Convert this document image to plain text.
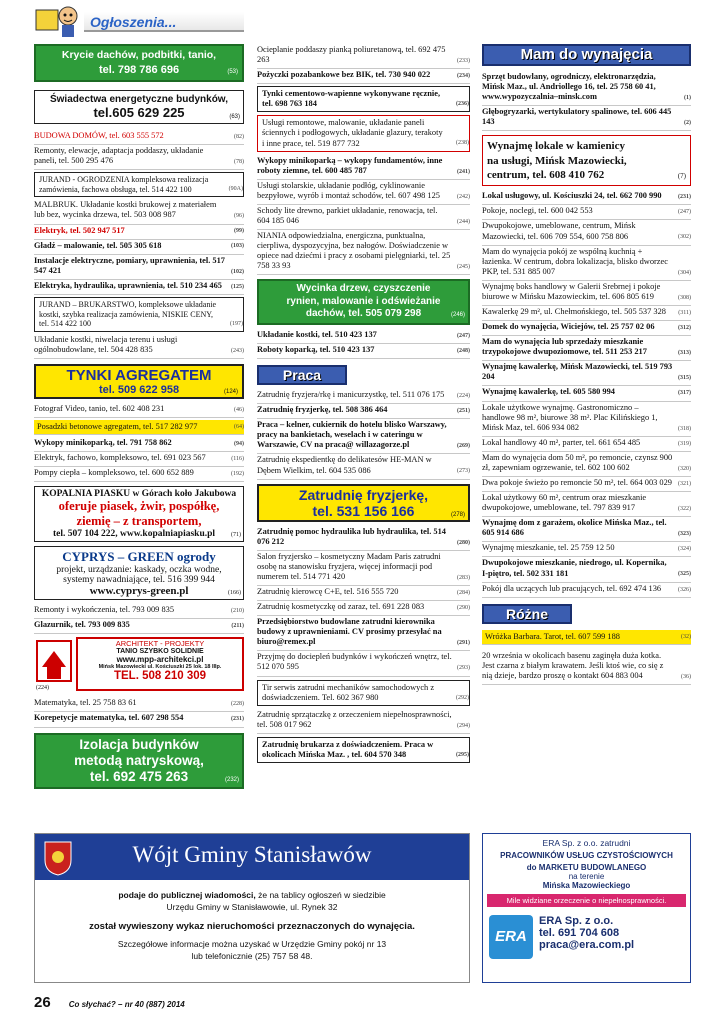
Ogłoszenia...
Krycie dachów, podbitki, tanio,
tel. 798 786 696	(53)
Świadectwa energetyczne budynków,
tel.605 629 225	(63)
BUDOWA DOMÓW, tel. 603 555 572	(82)
Remonty, elewacje, adaptacja poddaszy, układanie paneli, tel. 500 295 476	(78)
JURAND - OGRODZENIA kompleksowa realizacja zamówienia, fachowa obsługa, tel. 514 422 100	(90A)
MALBRUK. Układanie kostki brukowej z materiałem lub bez, wycinka drzewa, tel. 503 008 987	(96)
Elektryk, tel. 502 947 517	(99)
Gładź – malowanie, tel. 505 305 618	(103)
Instalacje elektryczne, pomiary, uprawnienia, tel. 517 547 421	(102)
Elektryka, hydraulika, uprawnienia, tel. 510 234 465	(125)
JURAND – BRUKARSTWO, kompleksowe układanie kostki, szybka realizacja zamówienia, NISKIE CENY, tel. 514 422 100	(197)
Układanie kostki, niwelacja terenu i usługi ogólnobudowlane, tel. 504 428 835	(243)
TYNKI AGREGATEM
tel. 509 622 958	(124)
Fotograf Video, tanio, tel. 602 408 231	(46)
Posadzki betonowe agregatem, tel. 517 282 977	(64)
Wykopy minikoparką, tel. 791 758 862	(94)
Elektryk, fachowo, kompleksowo, tel. 691 023 567	(116)
Pompy ciepła – kompleksowo, tel. 600 652 889	(192)
KOPALNIA PIASKU w Górach koło Jakubowa
oferuje piasek, żwir, pospółkę,
ziemię – z transportem,
tel. 507 104 222, www.kopalniapiasku.pl	(71)
CYPRYS – GREEN ogrody
projekt, urządzanie: kaskady, oczka wodne,
systemy nawadniające, tel. 516 399 944
www.cyprys-green.pl	(166)
Remonty i wykończenia, tel. 793 009 835	(210)
Glazurnik, tel. 793 009 835	(211)
(224)
ARCHITEKT - PROJEKTY
TANIO SZYBKO SOLIDNIE
www.mpp-architekci.pl
Mińsk Mazowiecki ul. Kościuszki 25 lok. 18 IIIp.
TEL. 508 210 309
Matematyka, tel. 25 758 83 61	(228)
Korepetycje matematyka, tel. 607 298 554	(231)
Izolacja budynków
metodą natryskową,
tel. 692 475 263	(232)
Ocieplanie poddaszy pianką poliuretanową, tel. 692 475 263	(233)
Pożyczki pozabankowe bez BIK, tel. 730 940 022	(234)
Tynki cementowo-wapienne wykonywane ręcznie, tel. 698 763 184	(236)
Usługi remontowe, malowanie, układanie paneli ściennych i podłogowych, układanie glazury, terakoty i inne prace, tel. 519 877 732	(238)
Wykopy minikoparką – wykopy fundamentów, inne roboty ziemne, tel. 600 485 787	(241)
Usługi stolarskie, układanie podłóg, cyklinowanie bezpyłowe, wyrób i montaż schodów, tel. 607 498 125	(242)
Schody lite drewno, parkiet układanie, renowacja, tel. 604 185 046	(244)
NIANIA odpowiedzialna, energiczna, punktualna, cierpliwa, dyspozycyjna, bez nałogów. Doświadczenie w opiece nad dziećmi i pracy z osobami pielęgniarki, tel. 25 758 33 93	(245)
Wycinka drzew, czyszczenie
rynien, malowanie i odświeżanie
dachów, tel. 505 079 298	(246)
Układanie kostki, tel. 510 423 137	(247)
Roboty koparką, tel. 510 423 137	(248)
Praca
Zatrudnię fryzjera/rkę i manicurzystkę, tel. 511 076 175	(224)
Zatrudnię fryzjerkę, tel. 508 386 464	(251)
Praca – kelner, cukiernik do hotelu blisko Warszawy, pracy na bankietach, weselach i w cateringu w Warszawie, CV na praca@ willazagorze.pl	(269)
Zatrudnię ekspedientkę do delikatesów HE-MAN w Dębem Wielkim, tel. 604 535 086	(273)
Zatrudnię fryzjerkę,
tel. 531 156 166	(278)
Zatrudnię pomoc hydraulika lub hydraulika, tel. 514 076 212	(280)
Salon fryzjersko – kosmetyczny Madam Paris zatrudni osobę na stanowisku fryzjera, więcej informacji pod numerem tel. 514 771 420	(283)
Zatrudnię kierowcę C+E, tel. 516 555 720	(284)
Zatrudnię kosmetyczkę od zaraz, tel. 691 228 083	(290)
Przedsiębiorstwo budowlane zatrudni kierownika budowy z uprawnieniami. CV prosimy przesyłać na biuro@remex.pl	(291)
Przyjmę do docieplеń budynków i wykończeń wnętrz, tel. 512 070 595	(293)
Tir serwis zatrudni mechaników samochodowych z doświadczeniem. Tel. 602 367 980	(292)
Zatrudnię sprzątaczkę z orzeczeniem niepełnosprawności, tel. 508 017 962	(294)
Zatrudnię brukarza z doświadczeniem. Praca w okolicach Mińska Maz. , tel. 604 570 348	(295)
Mam do wynajęcia
Sprzęt budowlany, ogrodniczy, elektronarzędzia, Mińsk Maz., ul. Andriollego 16, tel. 25 758 60 41, www.wypozyczalnia–minsk.com	(1)
Głębogryzarki, wertykulatory spalinowe, tel. 606 445 143	(2)
Wynajmę lokale w kamienicy
na usługi, Mińsk Mazowiecki,
centrum, tel. 608 410 762	(7)
Lokal usługowy, ul. Kościuszki 24, tel. 662 700 990	(231)
Pokoje, noclegi, tel. 600 042 553	(247)
Dwupokojowe, umeblowane, centrum, Mińsk Mazowiecki, tel. 606 709 554, 600 758 806	(302)
Mam do wynajęcia pokój ze wspólną kuchnią + łazienka. W centrum, dobra lokalizacja, blisko dworzec PKP, tel. 531 885 007	(304)
Wynajmę boks handlowy w Galerii Srebrnej i pokoje biurowe w Mińsku Mazowieckim, tel. 606 805 619	(308)
Kawalerkę 29 m², ul. Chełmońskiego, tel. 505 537 328	(311)
Domek do wynajęcia, Wiciejów, tel. 25 757 02 06	(312)
Mam do wynajęcia lub sprzedaży mieszkanie trzypokojowe dwupoziomowe, tel. 511 253 217	(313)
Wynajmę kawalerkę, Mińsk Mazowiecki, tel. 519 793 204	(315)
Wynajmę kawalerkę, tel. 605 580 994	(317)
Lokale użytkowe wynajmę. Gastronomiczno – handlowe 98 m², biurowe 38 m². Plac Kilińskiego 1, Mińsk Maz, tel. 606 934 082	(318)
Lokal handlowy 40 m², parter, tel. 661 654 485	(319)
Mam do wynajęcia dom 50 m², po remoncie, czynsz 900 zł, zapewniam ogrzewanie, tel. 602 100 602	(320)
Dwa pokoje świeżo po remoncie 50 m², tel. 664 003 029	(321)
Lokal użytkowy 60 m², centrum oraz mieszkanie dwupokojowe, umeblowane, tel. 797 839 917	(322)
Wynajmę dom z garażem, okolice Mińska Maz., tel. 605 914 686	(323)
Wynajmę mieszkanie, tel. 25 759 12 50	(324)
Dwupokojowe mieszkanie, niedrogo, ul. Kopernika, I-piętro, tel. 502 331 181	(325)
Pokój dla uczących lub pracujących, tel. 692 474 136	(326)
Różne
Wróżka Barbara. Tarot, tel. 607 599 188	(32)
20 września w okolicach basenu zaginęła duża kotka. Jest czarna z białym krawatem. Jeśli ktoś wie, co się z nią dzieje, bardzo proszę o kontakt 604 883 004	(36)
Wójt Gminy Stanisławów
podaje do publicznej wiadomości, że na tablicy ogłoszeń w siedzibie
Urzędu Gminy w Stanisławowie, ul. Rynek 32
został wywieszony wykaz nieruchomości przeznaczonych do wynajęcia.
Szczegółowe informacje można uzyskać w Urzędzie Gminy pokój nr 13
lub telefonicznie (25) 757 58 48.
ERA Sp. z o.o. zatrudni
PRACOWNIKÓW USŁUG CZYSTOŚCIOWYCH
do MARKETU BUDOWLANEGO
na terenie
Mińska Mazowieckiego
Mile widziane orzeczenie o niepełnosprawności.
ERA
ERA Sp. z o.o.
tel. 691 704 608
praca@era.com.pl
26 Co słychać? – nr 40 (887) 2014
